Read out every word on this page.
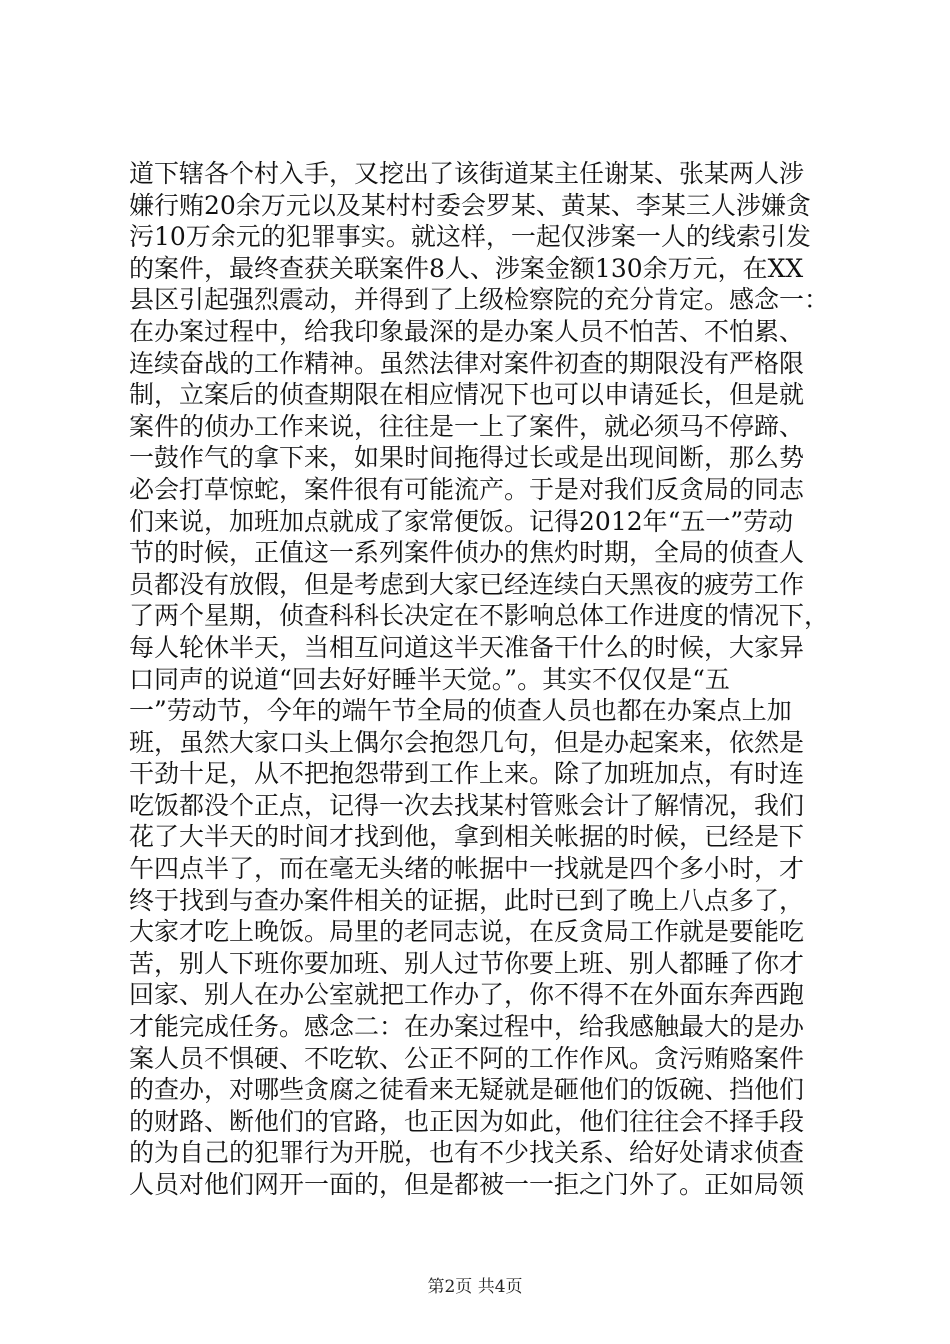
道下辖各个村入手，又挖出了该街道某主任谢某、张某两人涉
嫌行贿20余万元以及某村村委会罗某、黄某、李某三人涉嫌贪
污10万余元的犯罪事实。就这样，一起仅涉案一人的线索引发
的案件，最终查获关联案件8人、涉案金额130余万元，在XX
县区引起强烈震动，并得到了上级检察院的充分肯定。感念一：
在办案过程中，给我印象最深的是办案人员不怕苦、不怕累、
连续奋战的工作精神。虽然法律对案件初查的期限没有严格限
制，立案后的侦查期限在相应情况下也可以申请延长，但是就
案件的侦办工作来说，往往是一上了案件，就必须马不停蹄、
一鼓作气的拿下来，如果时间拖得过长或是出现间断，那么势
必会打草惊蛇，案件很有可能流产。于是对我们反贪局的同志
们来说，加班加点就成了家常便饭。记得2012年“五一”劳动
节的时候，正值这一系列案件侦办的焦灼时期，全局的侦查人
员都没有放假，但是考虑到大家已经连续白天黑夜的疲劳工作
了两个星期，侦查科科长决定在不影响总体工作进度的情况下，
每人轮休半天，当相互问道这半天准备干什么的时候，大家异
口同声的说道“回去好好睡半天觉。”。其实不仅仅是“五
一”劳动节，今年的端午节全局的侦查人员也都在办案点上加
班，虽然大家口头上偶尔会抱怨几句，但是办起案来，依然是
干劲十足，从不把抱怨带到工作上来。除了加班加点，有时连
吃饭都没个正点，记得一次去找某村管账会计了解情况，我们
花了大半天的时间才找到他，拿到相关帐据的时候，已经是下
午四点半了，而在毫无头绪的帐据中一找就是四个多小时，才
终于找到与查办案件相关的证据，此时已到了晚上八点多了，
大家才吃上晚饭。局里的老同志说，在反贪局工作就是要能吃
苦，别人下班你要加班、别人过节你要上班、别人都睡了你才
回家、别人在办公室就把工作办了，你不得不在外面东奔西跑
才能完成任务。感念二：在办案过程中，给我感触最大的是办
案人员不惧硬、不吃软、公正不阿的工作作风。贪污贿赂案件
的查办，对哪些贪腐之徒看来无疑就是砸他们的饭碗、挡他们
的财路、断他们的官路，也正因为如此，他们往往会不择手段
的为自己的犯罪行为开脱，也有不少找关系、给好处请求侦查
人员对他们网开一面的，但是都被一一拒之门外了。正如局领
第2页 共4页
